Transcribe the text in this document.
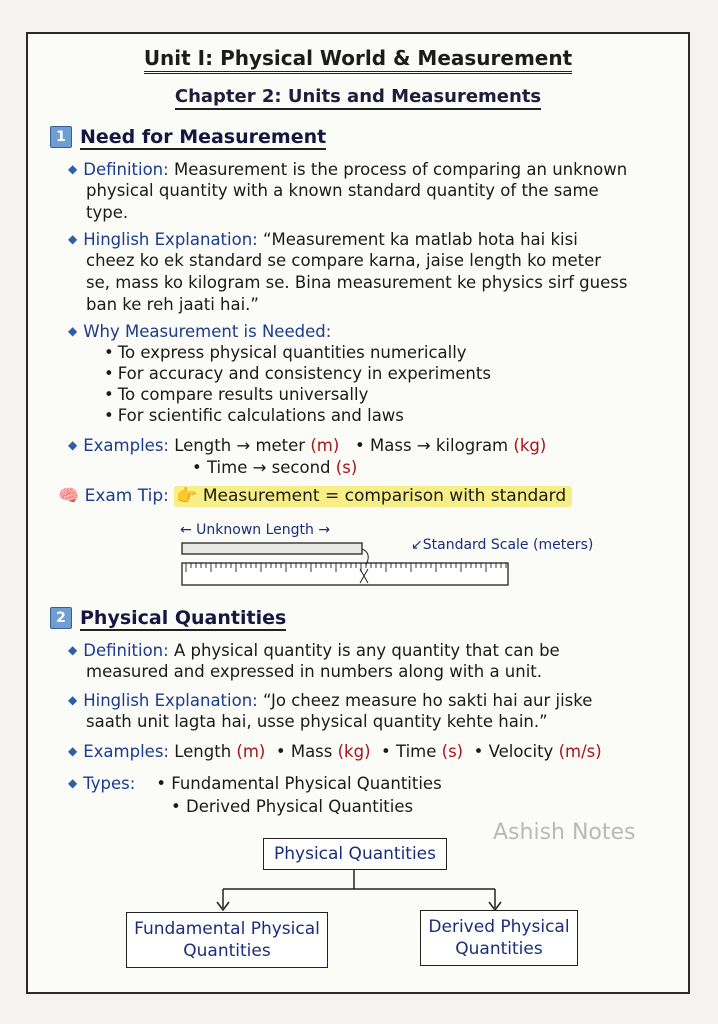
Unit I: Physical World & Measurement
Chapter 2: Units and Measurements
1 Need for Measurement
◆ Definition: Measurement is the process of comparing an unknown
physical quantity with a known standard quantity of the same
type.
◆ Hinglish Explanation: “Measurement ka matlab hota hai kisi
cheez ko ek standard se compare karna, jaise length ko meter
se, mass ko kilogram se. Bina measurement ke physics sirf guess
ban ke reh jaati hai.”
◆ Why Measurement is Needed:
• To express physical quantities numerically
• For accuracy and consistency in experiments
• To compare results universally
• For scientific calculations and laws
◆ Examples: Length → meter (m)   • Mass → kilogram (kg)
• Time → second (s)
🧠 Exam Tip: 👉 Measurement = comparison with standard
← Unknown Length →
↙Standard Scale (meters)
2 Physical Quantities
◆ Definition: A physical quantity is any quantity that can be
measured and expressed in numbers along with a unit.
◆ Hinglish Explanation: “Jo cheez measure ho sakti hai aur jiske
saath unit lagta hai, usse physical quantity kehte hain.”
◆ Examples: Length (m)  • Mass (kg)  • Time (s)  • Velocity (m/s)
◆ Types:    • Fundamental Physical Quantities
• Derived Physical Quantities
Ashish Notes
Physical Quantities
Fundamental Physical
Quantities
Derived Physical
Quantities
